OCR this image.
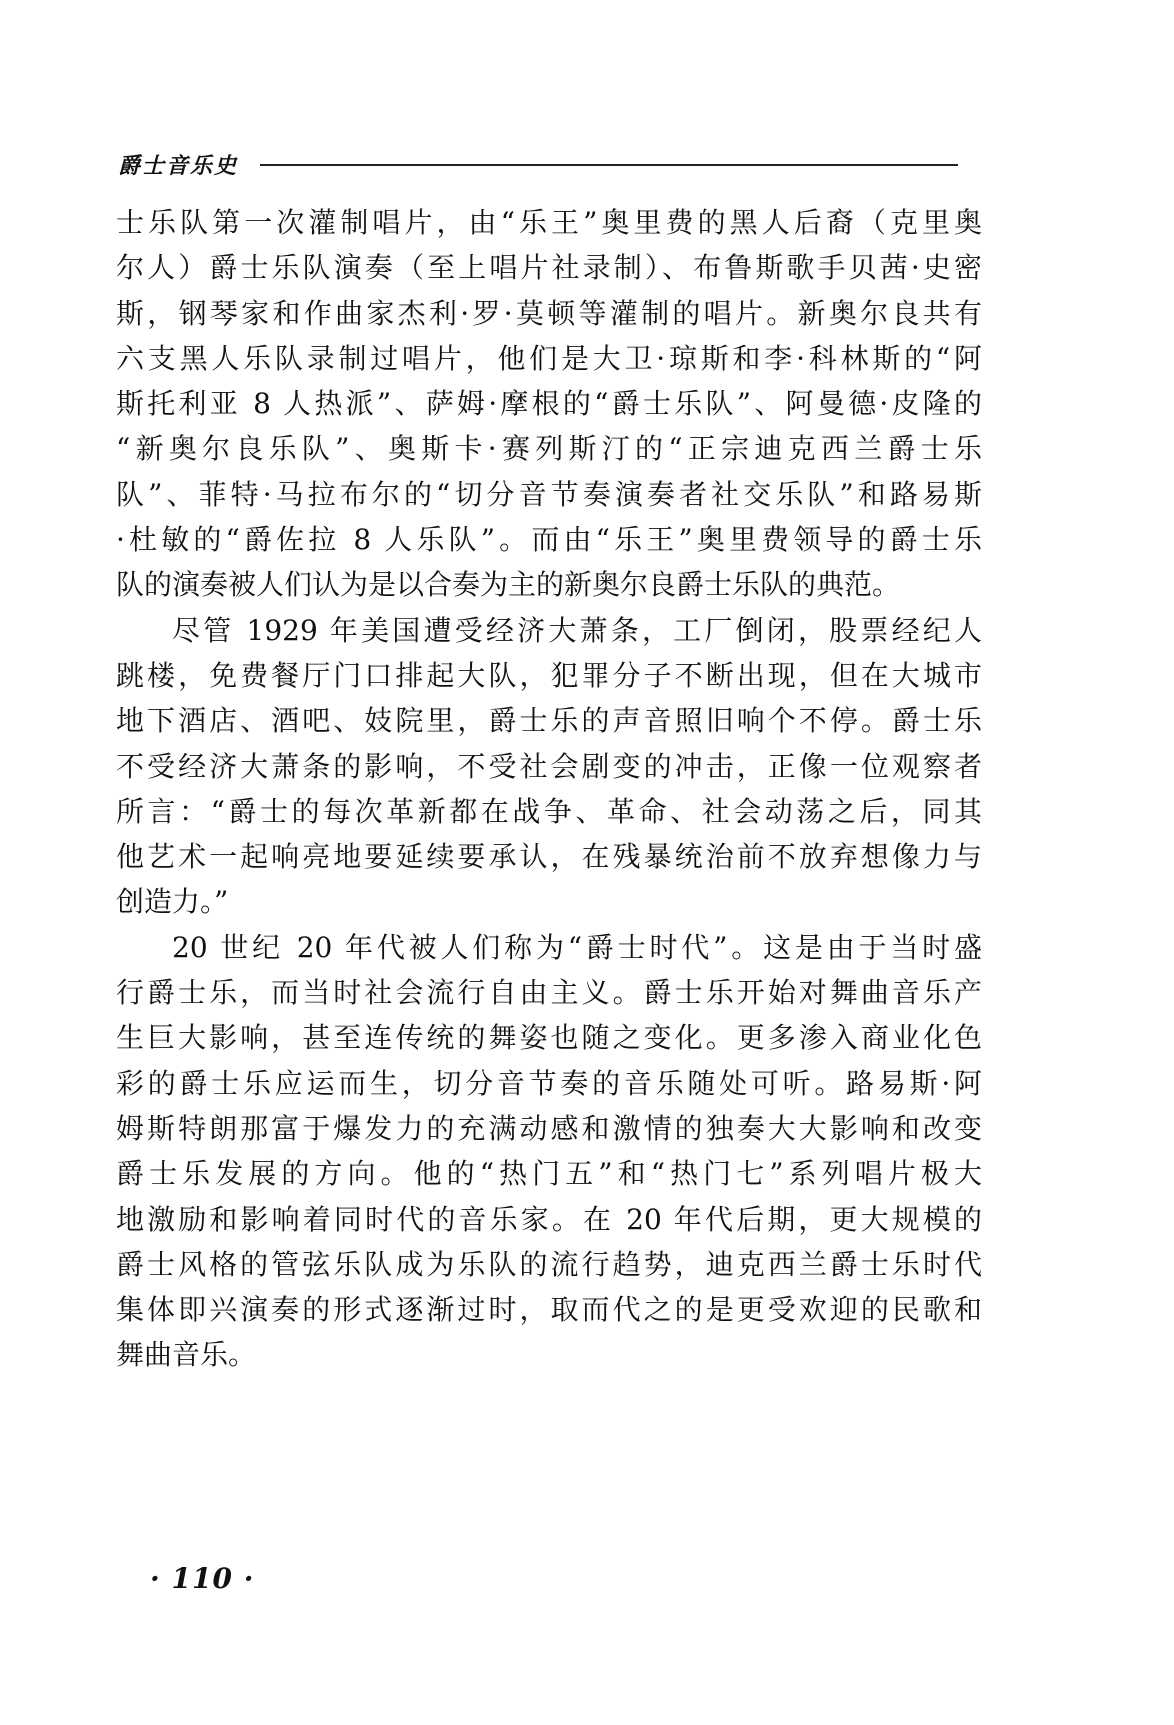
爵士音乐史
士乐队第一次灌制唱片，由“乐王”奥里费的黑人后裔（克里奥
尔人）爵士乐队演奏（至上唱片社录制）、布鲁斯歌手贝茜·史密
斯，钢琴家和作曲家杰利·罗·莫顿等灌制的唱片。新奥尔良共有
六支黑人乐队录制过唱片，他们是大卫·琼斯和李·科林斯的“阿
斯托利亚 8 人热派”、萨姆·摩根的“爵士乐队”、阿曼德·皮隆的
“新奥尔良乐队”、奥斯卡·赛列斯汀的“正宗迪克西兰爵士乐
队”、菲特·马拉布尔的“切分音节奏演奏者社交乐队”和路易斯
·杜敏的“爵佐拉 8 人乐队”。而由“乐王”奥里费领导的爵士乐
队的演奏被人们认为是以合奏为主的新奥尔良爵士乐队的典范。
尽管 1929 年美国遭受经济大萧条，工厂倒闭，股票经纪人
跳楼，免费餐厅门口排起大队，犯罪分子不断出现，但在大城市
地下酒店、酒吧、妓院里，爵士乐的声音照旧响个不停。爵士乐
不受经济大萧条的影响，不受社会剧变的冲击，正像一位观察者
所言：“爵士的每次革新都在战争、革命、社会动荡之后，同其
他艺术一起响亮地要延续要承认，在残暴统治前不放弃想像力与
创造力。”
20 世纪 20 年代被人们称为“爵士时代”。这是由于当时盛
行爵士乐，而当时社会流行自由主义。爵士乐开始对舞曲音乐产
生巨大影响，甚至连传统的舞姿也随之变化。更多渗入商业化色
彩的爵士乐应运而生，切分音节奏的音乐随处可听。路易斯·阿
姆斯特朗那富于爆发力的充满动感和激情的独奏大大影响和改变
爵士乐发展的方向。他的“热门五”和“热门七”系列唱片极大
地激励和影响着同时代的音乐家。在 20 年代后期，更大规模的
爵士风格的管弦乐队成为乐队的流行趋势，迪克西兰爵士乐时代
集体即兴演奏的形式逐渐过时，取而代之的是更受欢迎的民歌和
舞曲音乐。
· 110 ·
